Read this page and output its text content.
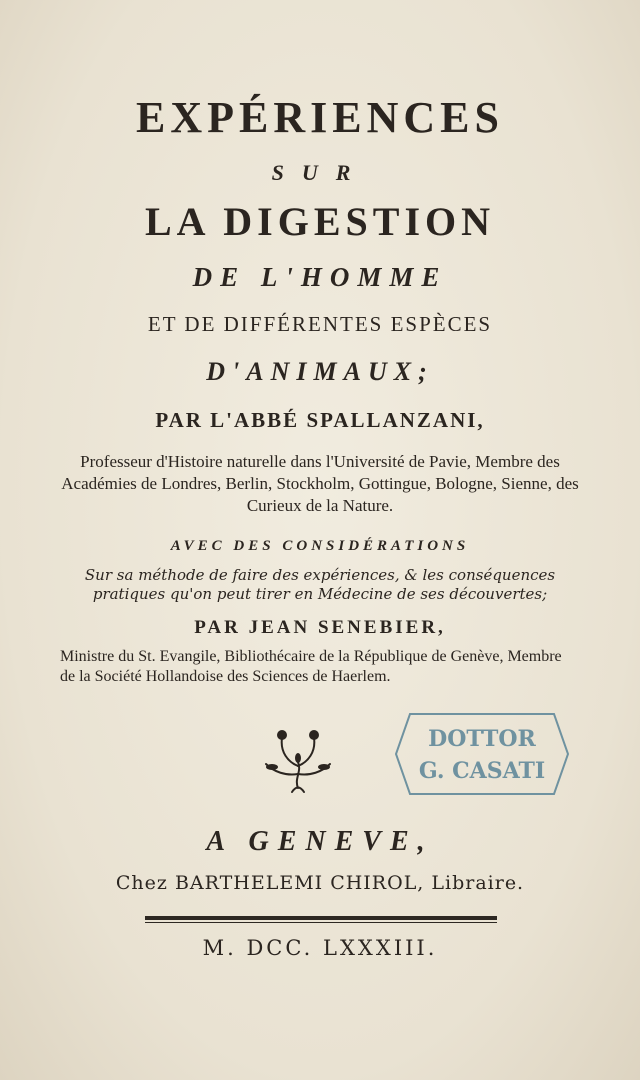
EXPÉRIENCES
SUR
LA DIGESTION
DE L'HOMME
ET DE DIFFÉRENTES ESPÈCES
D'ANIMAUX;
PAR L'ABBÉ SPALLANZANI,
Professeur d'Histoire naturelle dans l'Université de Pavie, Membre des Académies de Londres, Berlin, Stockholm, Gottingue, Bologne, Sienne, des Curieux de la Nature.
AVEC DES CONSIDÉRATIONS
Sur sa méthode de faire des expériences, & les conséquences pratiques qu'on peut tirer en Médecine de ses découvertes;
PAR JEAN SENEBIER,
Ministre du St. Evangile, Bibliothécaire de la République de Genève, Membre de la Société Hollandoise des Sciences de Haerlem.
DOTTOR
G. CASATI
A GENEVE,
Chez BARTHELEMI CHIROL, Libraire.
M. DCC. LXXXIII.
